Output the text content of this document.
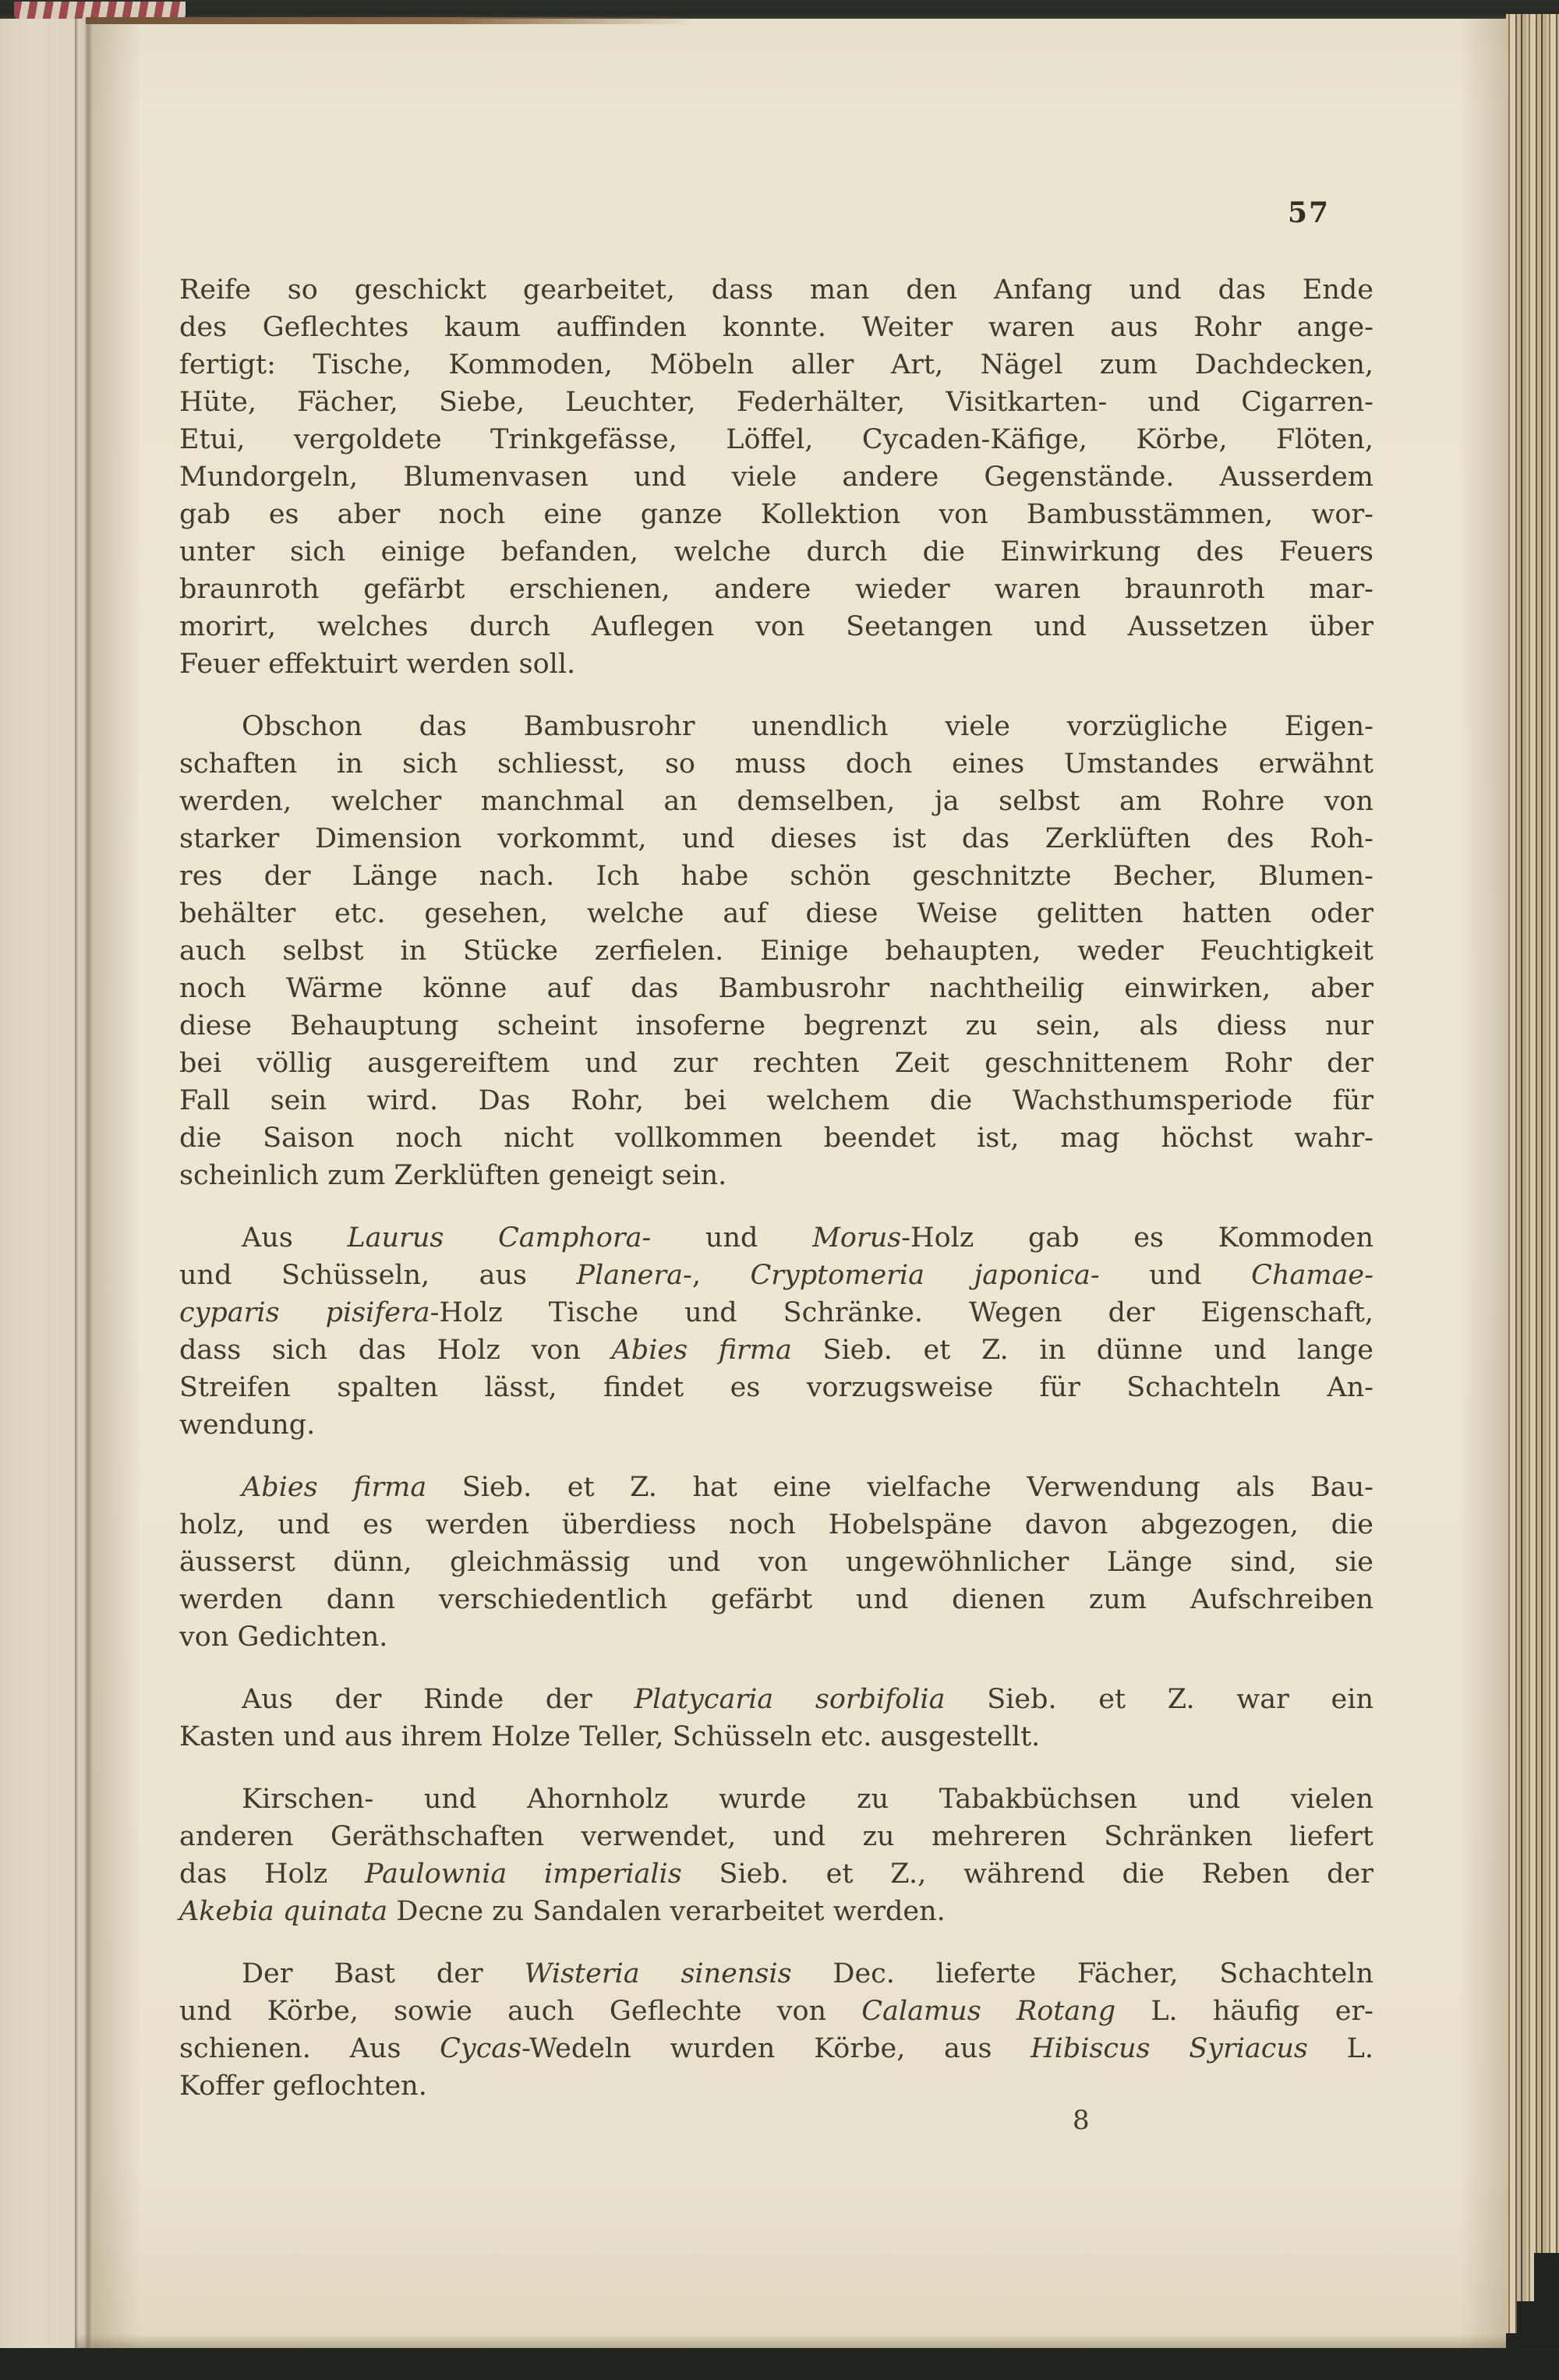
57
Reife so geschickt gearbeitet, dass man den Anfang und das Ende
des Geflechtes kaum auffinden konnte. Weiter waren aus Rohr ange-
fertigt: Tische, Kommoden, Möbeln aller Art, Nägel zum Dachdecken,
Hüte, Fächer, Siebe, Leuchter, Federhälter, Visitkarten- und Cigarren-
Etui, vergoldete Trinkgefässe, Löffel, Cycaden-Käfige, Körbe, Flöten,
Mundorgeln, Blumenvasen und viele andere Gegenstände. Ausserdem
gab es aber noch eine ganze Kollektion von Bambusstämmen, wor-
unter sich einige befanden, welche durch die Einwirkung des Feuers
braunroth gefärbt erschienen, andere wieder waren braunroth mar-
morirt, welches durch Auflegen von Seetangen und Aussetzen über
Feuer effektuirt werden soll.
Obschon das Bambusrohr unendlich viele vorzügliche Eigen-
schaften in sich schliesst, so muss doch eines Umstandes erwähnt
werden, welcher manchmal an demselben, ja selbst am Rohre von
starker Dimension vorkommt, und dieses ist das Zerklüften des Roh-
res der Länge nach. Ich habe schön geschnitzte Becher, Blumen-
behälter etc. gesehen, welche auf diese Weise gelitten hatten oder
auch selbst in Stücke zerfielen. Einige behaupten, weder Feuchtigkeit
noch Wärme könne auf das Bambusrohr nachtheilig einwirken, aber
diese Behauptung scheint insoferne begrenzt zu sein, als diess nur
bei völlig ausgereiftem und zur rechten Zeit geschnittenem Rohr der
Fall sein wird. Das Rohr, bei welchem die Wachsthumsperiode für
die Saison noch nicht vollkommen beendet ist, mag höchst wahr-
scheinlich zum Zerklüften geneigt sein.
Aus Laurus Camphora- und Morus-Holz gab es Kommoden
und Schüsseln, aus Planera-, Cryptomeria japonica- und Chamae-
cyparis pisifera-Holz Tische und Schränke. Wegen der Eigenschaft,
dass sich das Holz von Abies firma Sieb. et Z. in dünne und lange
Streifen spalten lässt, findet es vorzugsweise für Schachteln An-
wendung.
Abies firma Sieb. et Z. hat eine vielfache Verwendung als Bau-
holz, und es werden überdiess noch Hobelspäne davon abgezogen, die
äusserst dünn, gleichmässig und von ungewöhnlicher Länge sind, sie
werden dann verschiedentlich gefärbt und dienen zum Aufschreiben
von Gedichten.
Aus der Rinde der Platycaria sorbifolia Sieb. et Z. war ein
Kasten und aus ihrem Holze Teller, Schüsseln etc. ausgestellt.
Kirschen- und Ahornholz wurde zu Tabakbüchsen und vielen
anderen Geräthschaften verwendet, und zu mehreren Schränken liefert
das Holz Paulownia imperialis Sieb. et Z., während die Reben der
Akebia quinata Decne zu Sandalen verarbeitet werden.
Der Bast der Wisteria sinensis Dec. lieferte Fächer, Schachteln
und Körbe, sowie auch Geflechte von Calamus Rotang L. häufig er-
schienen. Aus Cycas-Wedeln wurden Körbe, aus Hibiscus Syriacus L.
Koffer geflochten.
8
